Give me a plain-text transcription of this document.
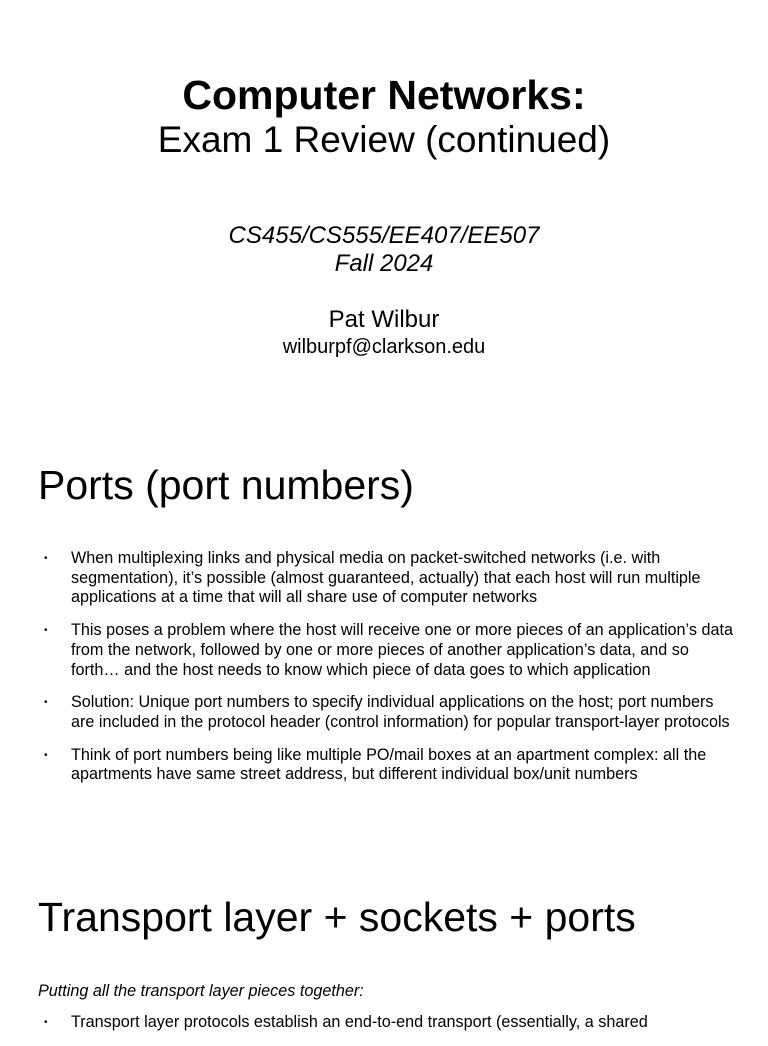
Computer Networks:
Exam 1 Review (continued)
CS455/CS555/EE407/EE507
Fall 2024
Pat Wilbur
wilburpf@clarkson.edu
Ports (port numbers)
• When multiplexing links and physical media on packet-switched networks (i.e. with segmentation), it’s possible (almost guaranteed, actually) that each host will run multiple applications at a time that will all share use of computer networks
• This poses a problem where the host will receive one or more pieces of an application’s data from the network, followed by one or more pieces of another application’s data, and so forth… and the host needs to know which piece of data goes to which application
• Solution: Unique port numbers to specify individual applications on the host; port numbers are included in the protocol header (control information) for popular transport-layer protocols
• Think of port numbers being like multiple PO/mail boxes at an apartment complex: all the apartments have same street address, but different individual box/unit numbers
Transport layer + sockets + ports
Putting all the transport layer pieces together:
• Transport layer protocols establish an end-to-end transport (essentially, a shared
